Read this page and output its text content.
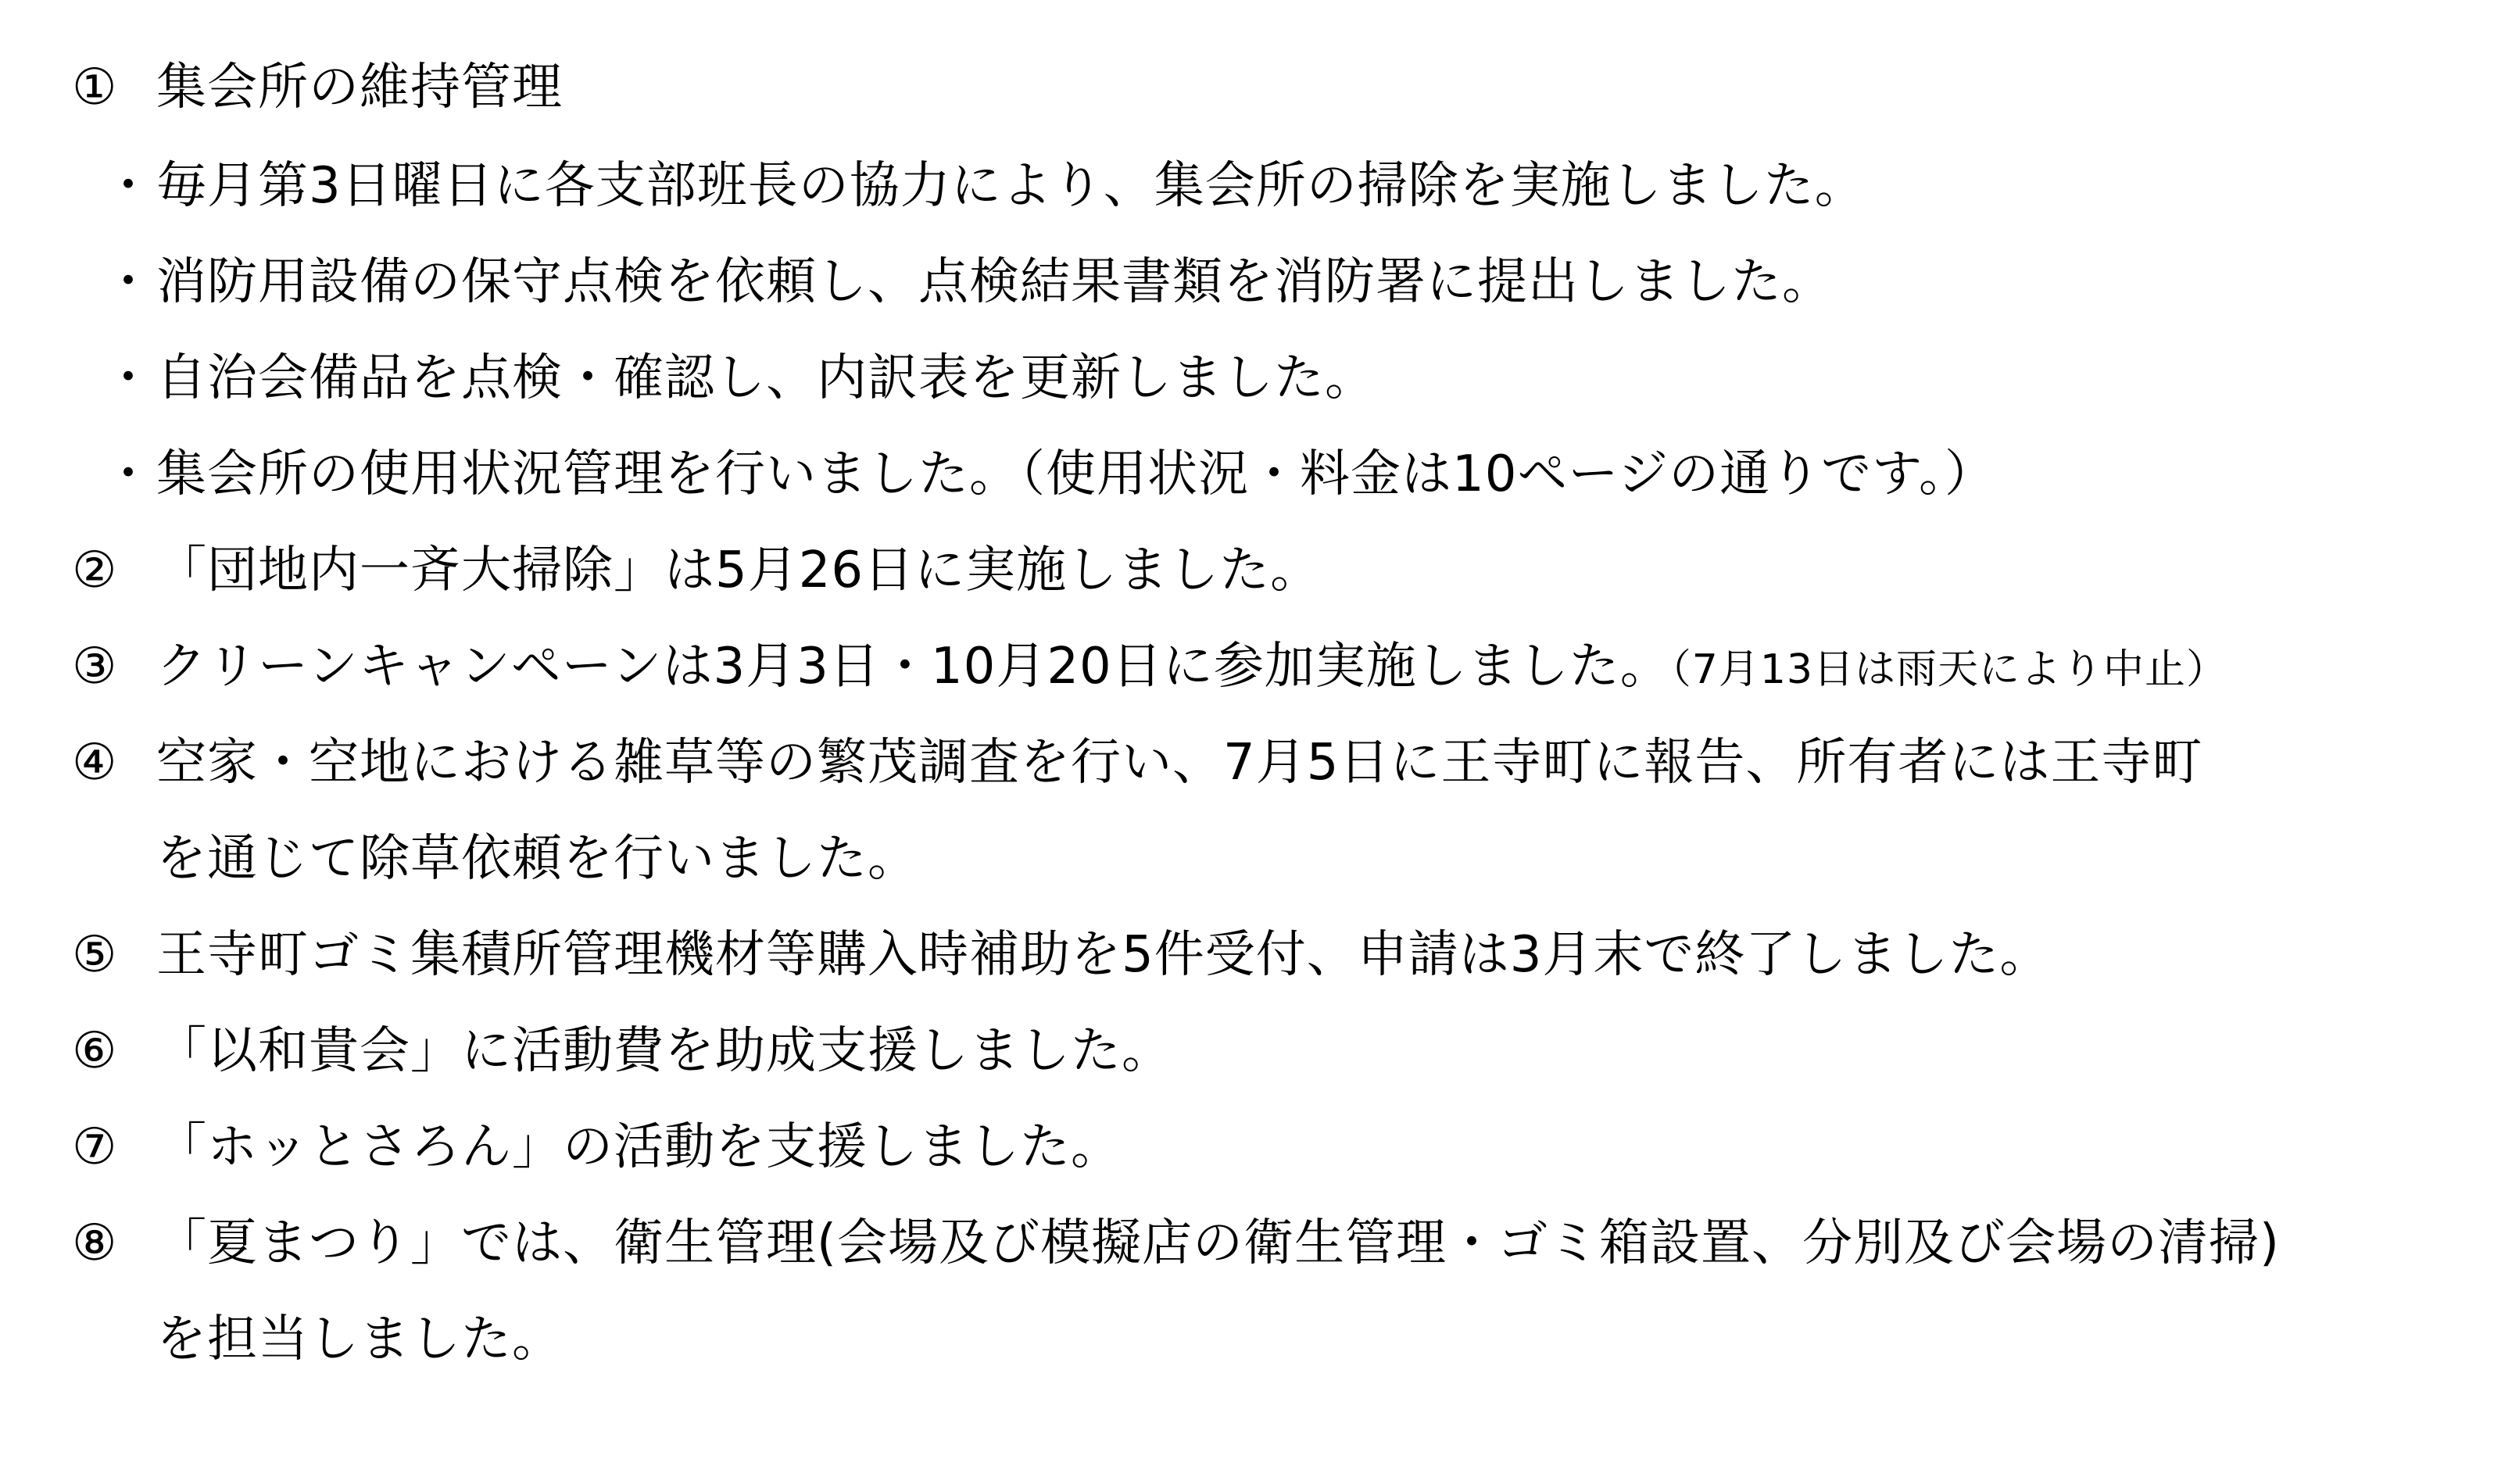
① 集会所の維持管理
・ 毎月第3日曜日に各支部班長の協力により、集会所の掃除を実施しました。
・ 消防用設備の保守点検を依頼し、点検結果書類を消防署に提出しました。
・ 自治会備品を点検・確認し、内訳表を更新しました。
・ 集会所の使用状況管理を行いました。（使用状況・料金は10ページの通りです。）
② 「団地内一斉大掃除」は5月26日に実施しました。
③ クリーンキャンペーンは3月3日・10月20日に参加実施しました。（7月13日は雨天により中止）
④ 空家・空地における雑草等の繁茂調査を行い、7月5日に王寺町に報告、所有者には王寺町
を通じて除草依頼を行いました。
⑤ 王寺町ゴミ集積所管理機材等購入時補助を5件受付、申請は3月末で終了しました。
⑥ 「以和貴会」に活動費を助成支援しました。
⑦ 「ホッとさろん」の活動を支援しました。
⑧ 「夏まつり」では、衛生管理(会場及び模擬店の衛生管理・ゴミ箱設置、分別及び会場の清掃)
を担当しました。
